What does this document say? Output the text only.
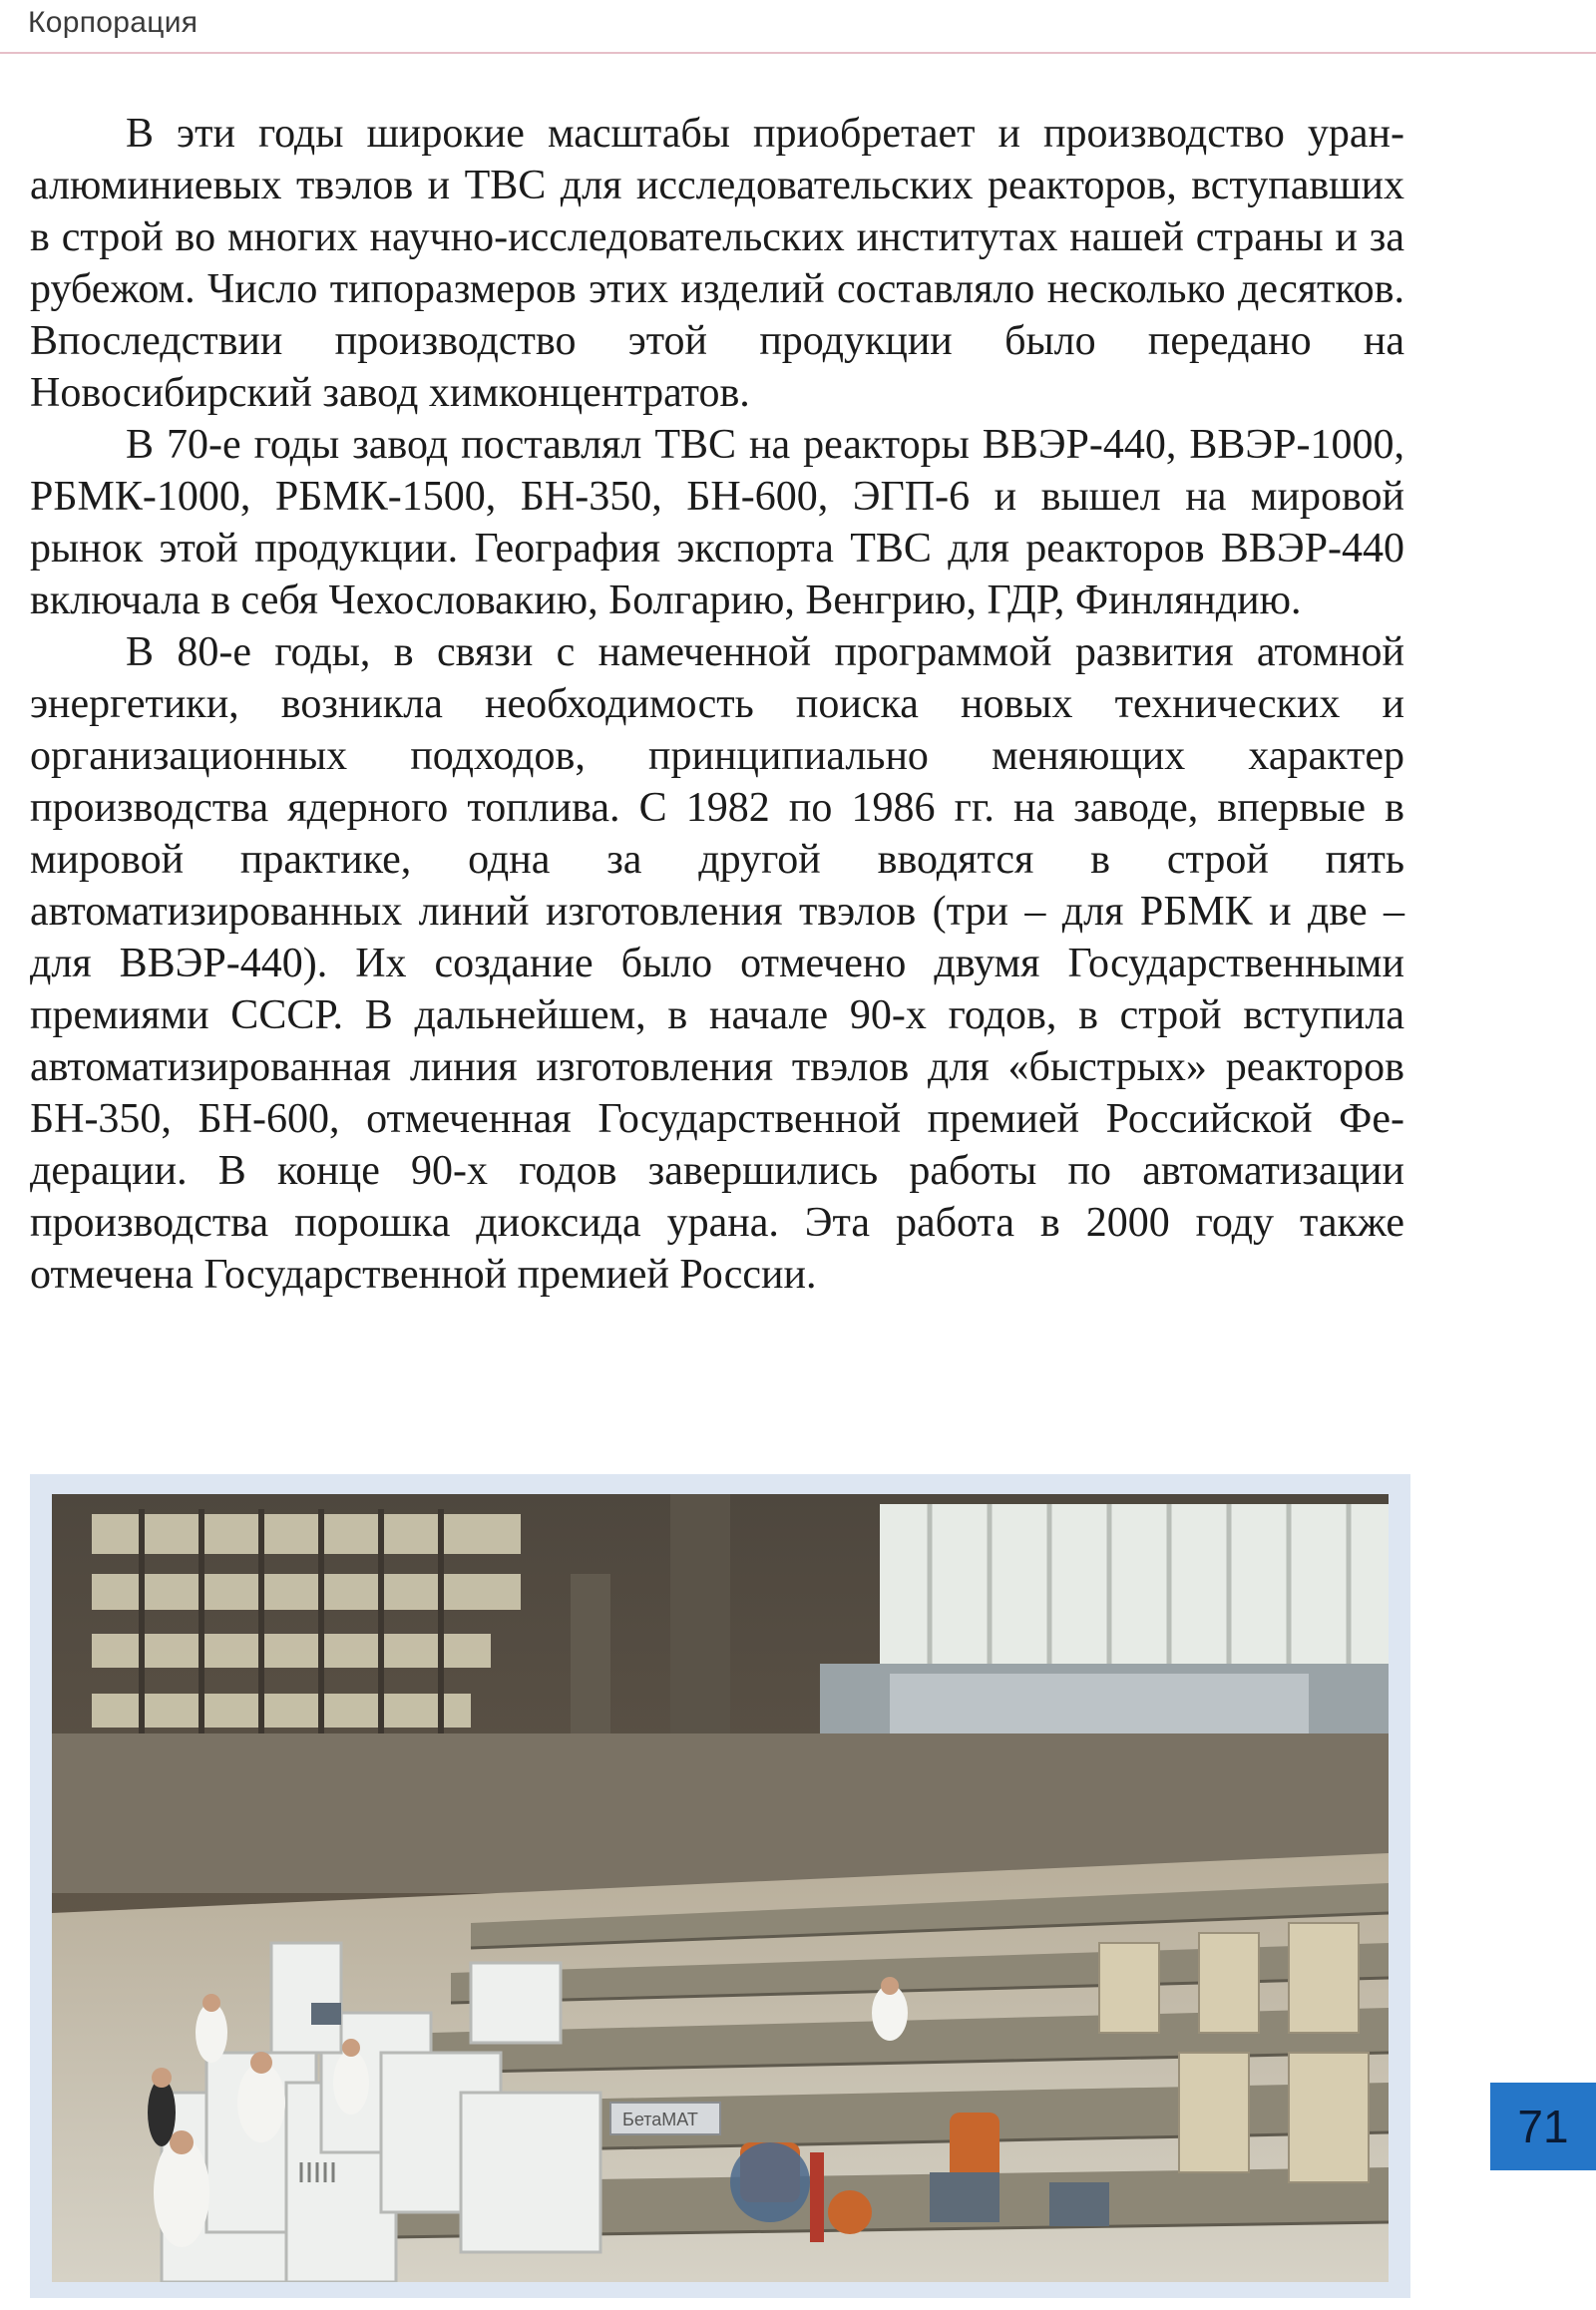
Корпорация

В эти годы широкие масштабы приобретает и производство уран-алюминиевых твэлов и ТВС для исследовательских реакторов, вступавших в строй во многих научно-исследовательских институтах нашей страны и за рубежом. Число типоразмеров этих изделий составляло несколько десятков. Впоследствии производство этой продукции было передано на Новосибирский завод химконцентратов.

В 70-е годы завод поставлял ТВС на реакторы ВВЭР-440, ВВЭР-1000, РБМК-1000, РБМК-1500, БН-350, БН-600, ЭГП-6 и вышел на мировой рынок этой продукции. География экспорта ТВС для реакторов ВВЭР-440 включала в себя Чехословакию, Болгарию, Венгрию, ГДР, Финляндию.

В 80-е годы, в связи с намеченной программой развития атомной энергетики, возникла необходимость поиска новых технических и организационных подходов, принципиально меняющих характер производства ядерного топлива. С 1982 по 1986 гг. на заводе, впервые в мировой практике, одна за другой вводятся в строй пять автоматизированных линий изготовления твэлов (три – для РБМК и две – для ВВЭР-440). Их создание было отмечено двумя Государственными премиями СССР. В дальнейшем, в начале 90-х годов, в строй вступила автоматизированная линия изготовления твэлов для «быстрых» реакторов БН-350, БН-600, отмеченная Государственной премией Российской Федерации. В конце 90-х годов завершились работы по автоматизации производства порошка диоксида урана. Эта работа в 2000 году также отмечена Государственной премией России.

БетаМАТ	71
